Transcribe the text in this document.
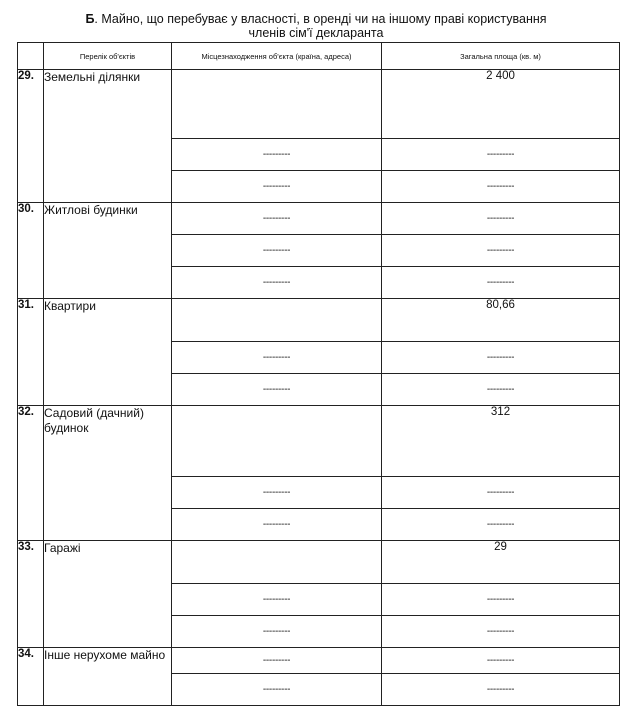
Б. Майно, що перебуває у власності, в оренді чи на іншому праві користування
членів сім'ї декларанта
	Перелік об'єктів	Місцезнаходження об'єкта (країна, адреса)	Загальна площа (кв. м)
29.	Земельні ділянки		2 400
		---------	---------
		---------	---------
30.	Житлові будинки	---------	---------
		---------	---------
		---------	---------
31.	Квартири		80,66
		---------	---------
		---------	---------
32.	Садовий (дачний) будинок		312
		---------	---------
		---------	---------
33.	Гаражі		29
		---------	---------
		---------	---------
34.	Інше нерухоме майно	---------	---------
		---------	---------
